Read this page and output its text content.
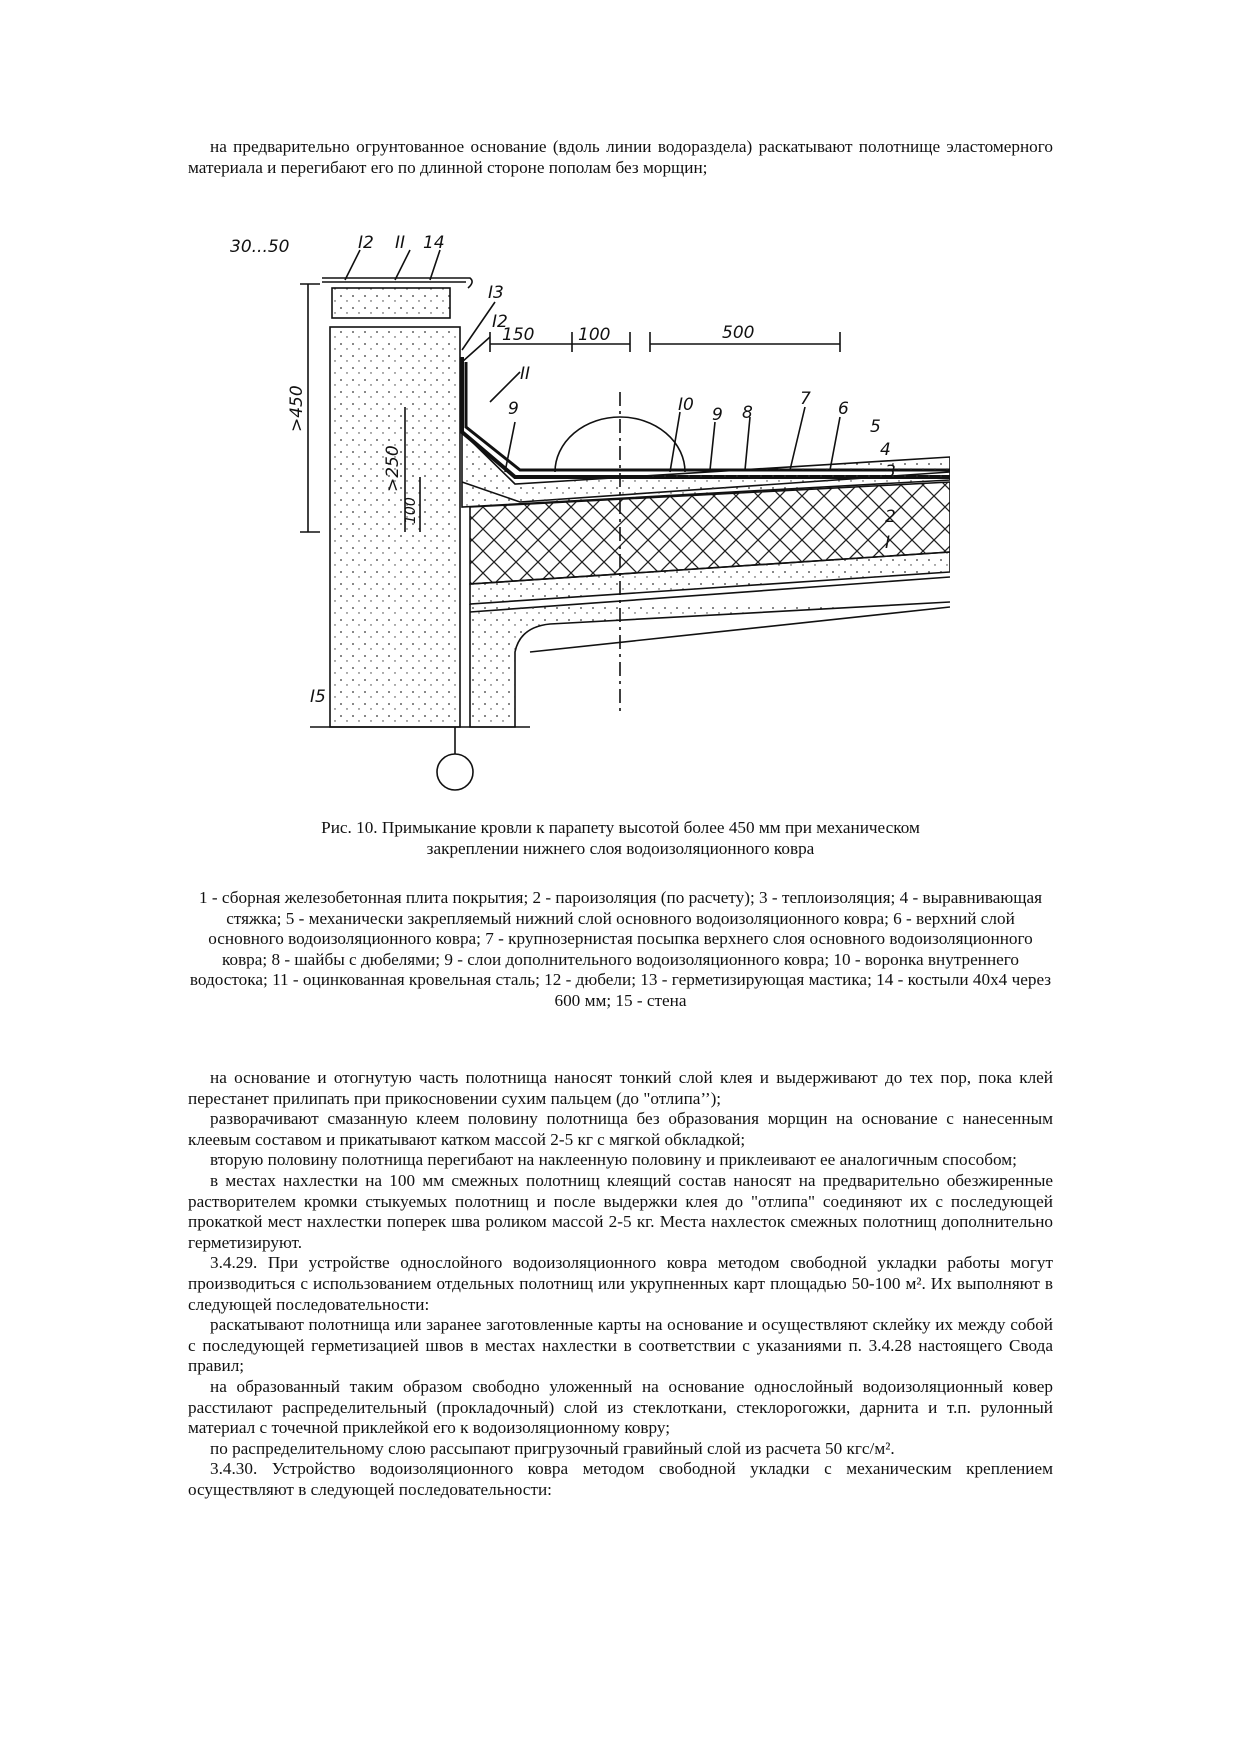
на предварительно огрунтованное основание (вдоль линии водораздела) раскатывают полотнище эластомерного материала и перегибают его по длинной стороне пополам без морщин;
30...50	I2 II 14
I3
I2
150	100	500
II
9	I0 9 8
7 6
5
4
3
2
I
I5
>450
>250
100
Рис. 10. Примыкание кровли к парапету высотой более 450 мм при механическом
закреплении нижнего слоя водоизоляционного ковра
1 - сборная железобетонная плита покрытия; 2 - пароизоляция (по расчету); 3 - теплоизоляция; 4 - выравнивающая стяжка; 5 - механически закрепляемый нижний слой основного водоизоляционного ковра; 6 - верхний слой основного водоизоляционного ковра; 7 - крупнозернистая посыпка верхнего слоя основного водоизоляционного ковра; 8 - шайбы с дюбелями; 9 - слои дополнительного водоизоляционного ковра; 10 - воронка внутреннего водостока; 11 - оцинкованная кровельная сталь; 12 - дюбели; 13 - герметизирующая мастика; 14 - костыли 40х4 через 600 мм; 15 - стена

на основание и отогнутую часть полотнища наносят тонкий слой клея и выдерживают до тех пор, пока клей перестанет прилипать при прикосновении сухим пальцем (до "отлипа’’);

разворачивают смазанную клеем половину полотнища без образования морщин на основание с нанесенным клеевым составом и прикатывают катком массой 2-5 кг с мягкой обкладкой;

вторую половину полотнища перегибают на наклеенную половину и приклеивают ее аналогичным способом;

в местах нахлестки на 100 мм смежных полотнищ клеящий состав наносят на предварительно обезжиренные растворителем кромки стыкуемых полотнищ и после выдержки клея до "отлипа" соединяют их с последующей прокаткой мест нахлестки поперек шва роликом массой 2-5 кг. Места нахлесток смежных полотнищ дополнительно герметизируют.

3.4.29. При устройстве однослойного водоизоляционного ковра методом свободной укладки работы могут производиться с использованием отдельных полотнищ или укрупненных карт площадью 50-100 м². Их выполняют в следующей последовательности:

раскатывают полотнища или заранее заготовленные карты на основание и осуществляют склейку их между собой с последующей герметизацией швов в местах нахлестки в соответствии с указаниями п. 3.4.28 настоящего Свода правил;

на образованный таким образом свободно уложенный на основание однослойный водоизоляционный ковер расстилают распределительный (прокладочный) слой из стеклоткани, стеклорогожки, дарнита и т.п. рулонный материал с точечной приклейкой его к водоизоляционному ковру;

по распределительному слою рассыпают пригрузочный гравийный слой из расчета 50 кгс/м².

3.4.30. Устройство водоизоляционного ковра методом свободной укладки с механическим креплением осуществляют в следующей последовательности:
